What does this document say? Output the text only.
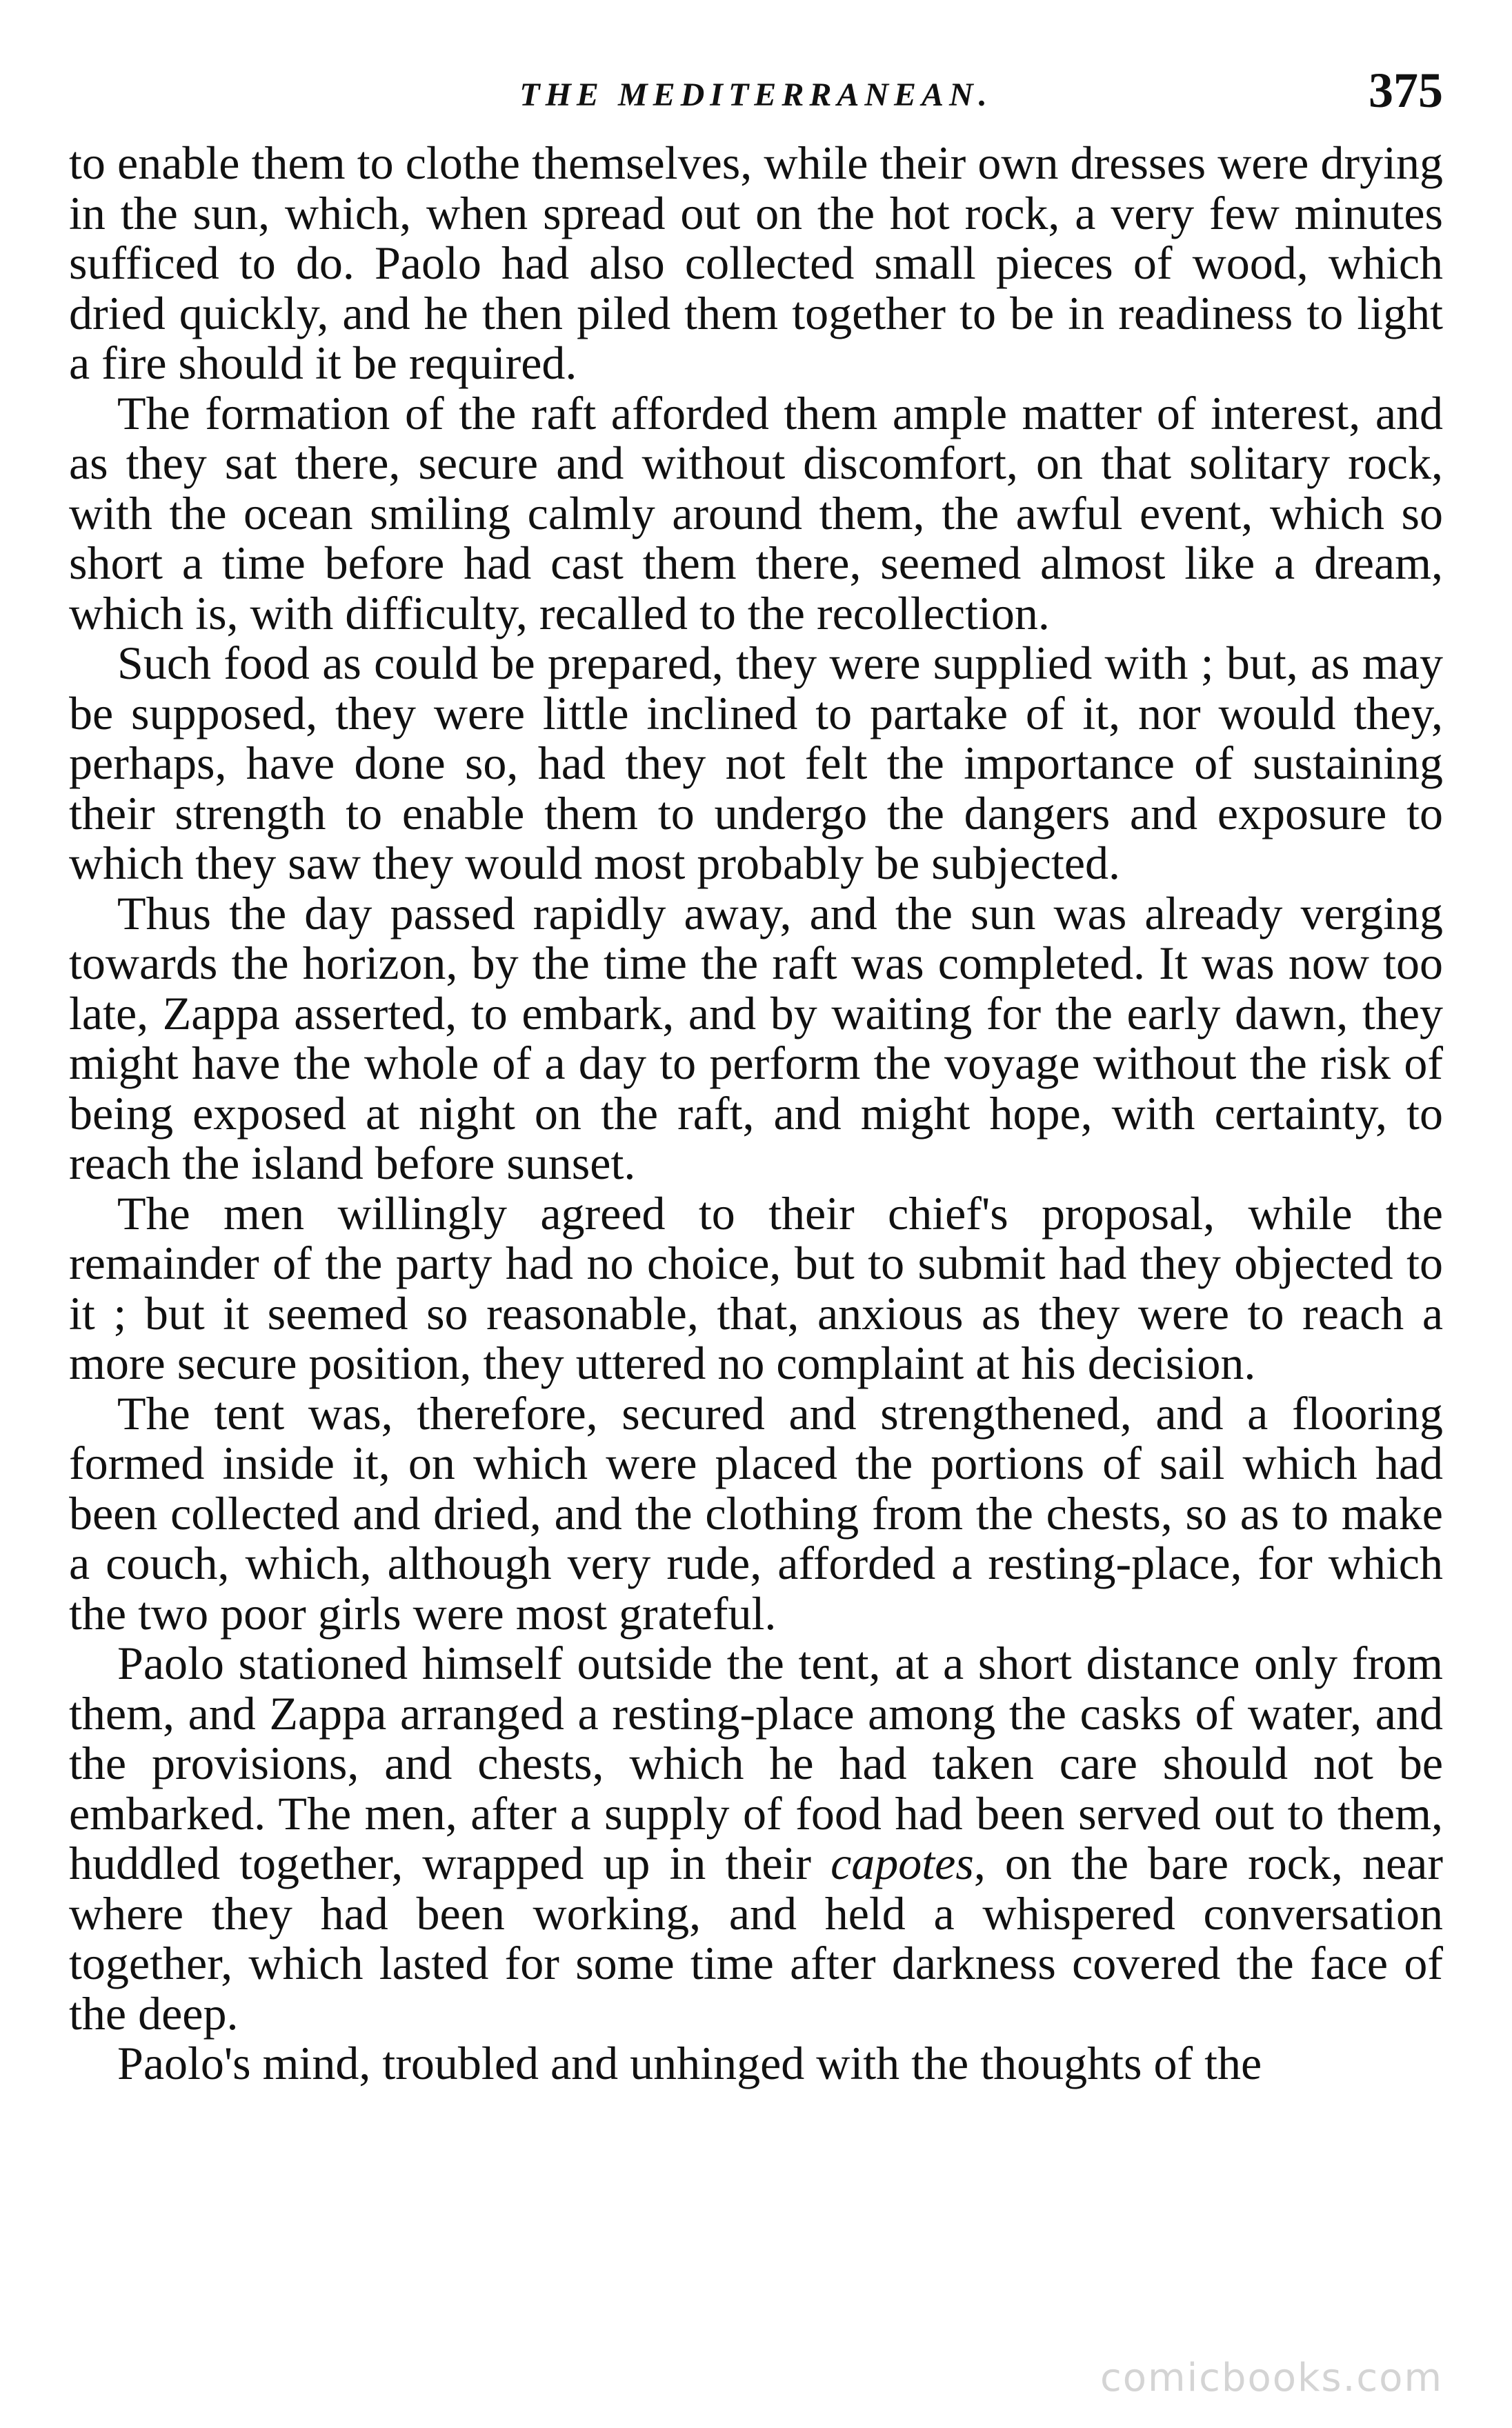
THE MEDITERRANEAN.	375

to enable them to clothe themselves, while their own dresses were drying in the sun, which, when spread out on the hot rock, a very few minutes sufficed to do. Paolo had also collected small pieces of wood, which dried quickly, and he then piled them together to be in readiness to light a fire should it be required.

The formation of the raft afforded them ample matter of interest, and as they sat there, secure and without discomfort, on that solitary rock, with the ocean smiling calmly around them, the awful event, which so short a time before had cast them there, seemed almost like a dream, which is, with difficulty, recalled to the recollection.

Such food as could be prepared, they were supplied with ; but, as may be supposed, they were little inclined to partake of it, nor would they, perhaps, have done so, had they not felt the importance of sustaining their strength to enable them to undergo the dangers and exposure to which they saw they would most probably be subjected.

Thus the day passed rapidly away, and the sun was already verging towards the horizon, by the time the raft was completed. It was now too late, Zappa asserted, to embark, and by waiting for the early dawn, they might have the whole of a day to perform the voyage without the risk of being exposed at night on the raft, and might hope, with certainty, to reach the island before sunset.

The men willingly agreed to their chief's proposal, while the remainder of the party had no choice, but to submit had they objected to it ; but it seemed so reasonable, that, anxious as they were to reach a more secure position, they uttered no complaint at his decision.

The tent was, therefore, secured and strengthened, and a flooring formed inside it, on which were placed the portions of sail which had been collected and dried, and the clothing from the chests, so as to make a couch, which, although very rude, afforded a resting-place, for which the two poor girls were most grateful.

Paolo stationed himself outside the tent, at a short distance only from them, and Zappa arranged a resting-place among the casks of water, and the provisions, and chests, which he had taken care should not be embarked. The men, after a supply of food had been served out to them, huddled together, wrapped up in their capotes, on the bare rock, near where they had been working, and held a whispered conversation together, which lasted for some time after darkness covered the face of the deep.

Paolo's mind, troubled and unhinged with the thoughts of the

comicbooks.com
